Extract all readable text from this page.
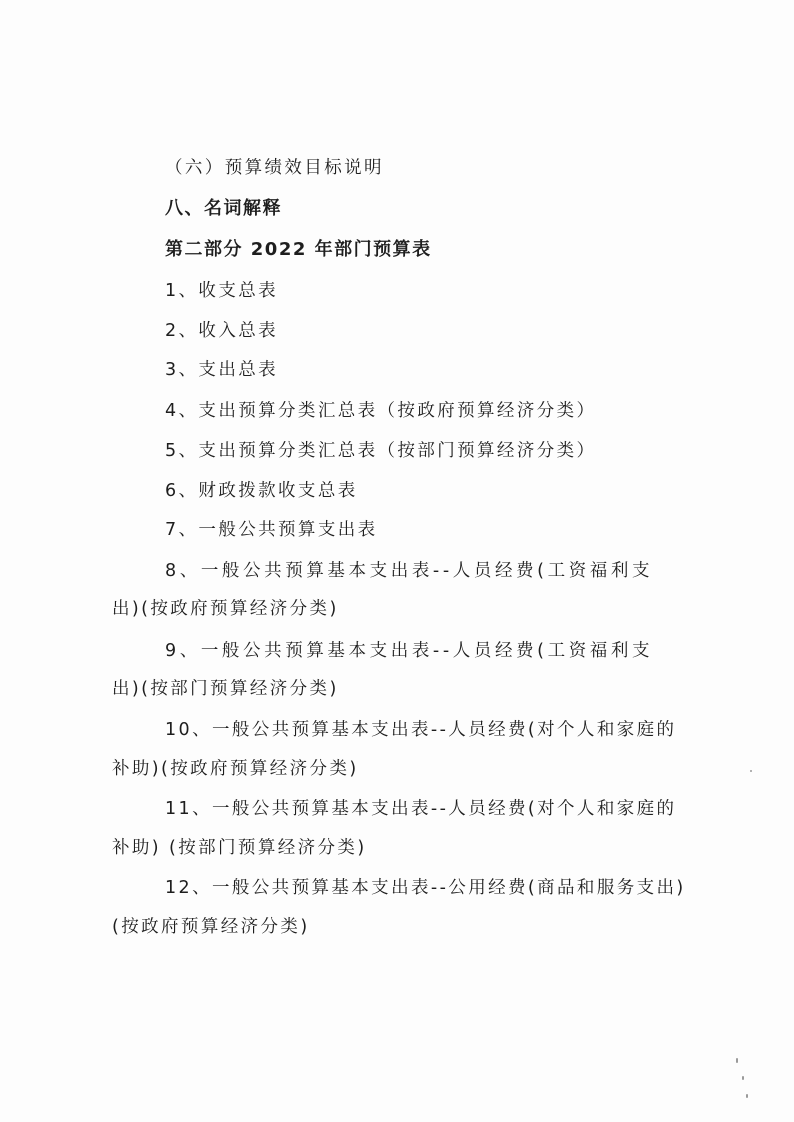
（六）预算绩效目标说明
八、名词解释
第二部分 2022 年部门预算表
1、收支总表
2、收入总表
3、支出总表
4、支出预算分类汇总表（按政府预算经济分类）
5、支出预算分类汇总表（按部门预算经济分类）
6、财政拨款收支总表
7、一般公共预算支出表
8、一般公共预算基本支出表--人员经费(工资福利支
出)(按政府预算经济分类)
9、一般公共预算基本支出表--人员经费(工资福利支
出)(按部门预算经济分类)
10、一般公共预算基本支出表--人员经费(对个人和家庭的
补助)(按政府预算经济分类)
11、一般公共预算基本支出表--人员经费(对个人和家庭的
补助) (按部门预算经济分类)
12、一般公共预算基本支出表--公用经费(商品和服务支出)
(按政府预算经济分类)
